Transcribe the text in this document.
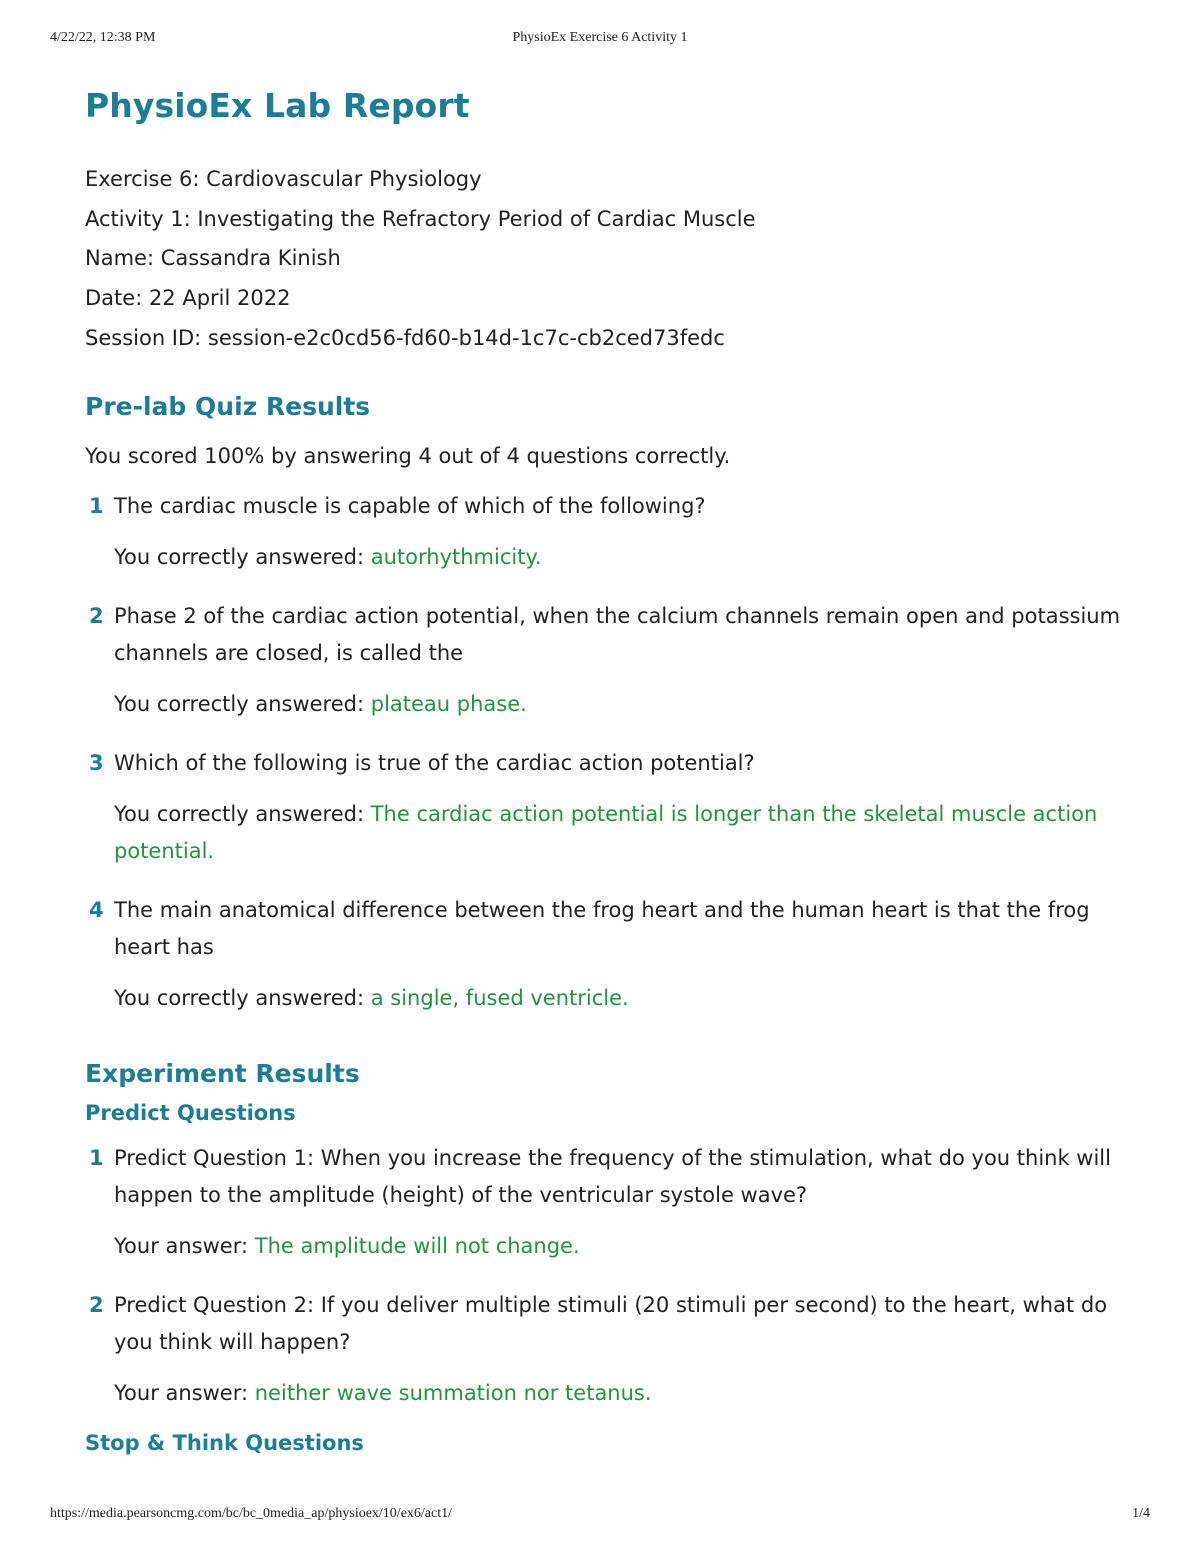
4/22/22, 12:38 PM	PhysioEx Exercise 6 Activity 1
PhysioEx Lab Report
Exercise 6: Cardiovascular Physiology
Activity 1: Investigating the Refractory Period of Cardiac Muscle
Name: Cassandra Kinish
Date: 22 April 2022
Session ID: session-e2c0cd56-fd60-b14d-1c7c-cb2ced73fedc
Pre-lab Quiz Results
You scored 100% by answering 4 out of 4 questions correctly.
1 The cardiac muscle is capable of which of the following?
You correctly answered: autorhythmicity.
2 Phase 2 of the cardiac action potential, when the calcium channels remain open and potassium channels are closed, is called the
You correctly answered: plateau phase.
3 Which of the following is true of the cardiac action potential?
You correctly answered: The cardiac action potential is longer than the skeletal muscle action potential.
4 The main anatomical difference between the frog heart and the human heart is that the frog heart has
You correctly answered: a single, fused ventricle.
Experiment Results
Predict Questions
1 Predict Question 1: When you increase the frequency of the stimulation, what do you think will happen to the amplitude (height) of the ventricular systole wave?
Your answer: The amplitude will not change.
2 Predict Question 2: If you deliver multiple stimuli (20 stimuli per second) to the heart, what do you think will happen?
Your answer: neither wave summation nor tetanus.
Stop & Think Questions
https://media.pearsoncmg.com/bc/bc_0media_ap/physioex/10/ex6/act1/	1/4
